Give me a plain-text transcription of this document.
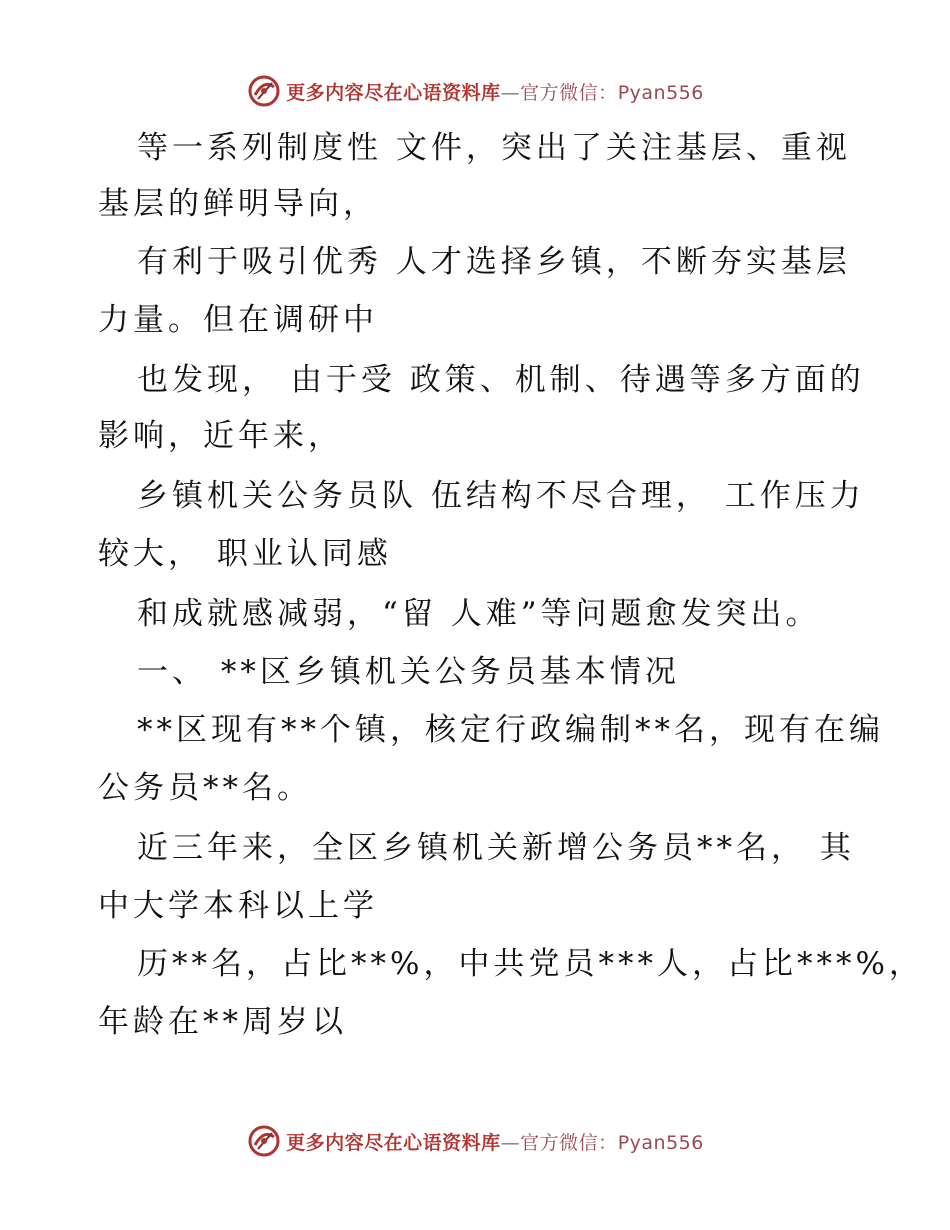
更多内容尽在心语资料库—官方微信：Pyan556
等一系列制度性 文件，突出了关注基层、重视
基层的鲜明导向，
有利于吸引优秀 人才选择乡镇，不断夯实基层
力量。但在调研中
也发现， 由于受 政策、机制、待遇等多方面的
影响，近年来，
乡镇机关公务员队 伍结构不尽合理， 工作压力
较大， 职业认同感
和成就感减弱，“留 人难”等问题愈发突出。
一、 **区乡镇机关公务员基本情况
**区现有**个镇，核定行政编制**名，现有在编
公务员**名。
近三年来，全区乡镇机关新增公务员**名， 其
中大学本科以上学
历**名，占比**%，中共党员***人，占比***%，
年龄在**周岁以
更多内容尽在心语资料库—官方微信：Pyan556
